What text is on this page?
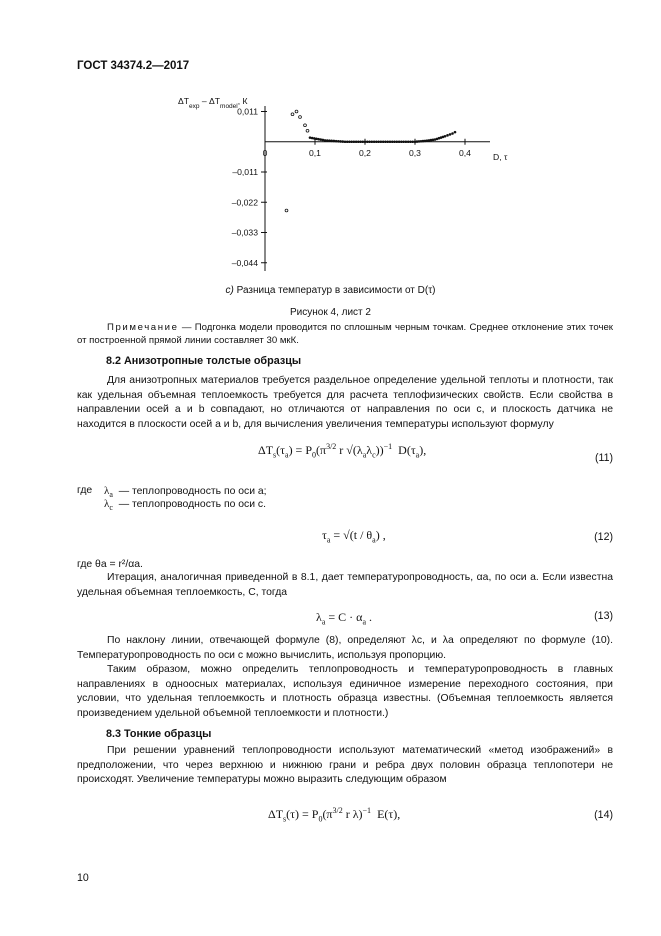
ГОСТ 34374.2—2017
0	0,1	0,2	0,3	0,4
0,011
–0,011
–0,022
–0,033
–0,044
$\Delta T_{exp} - \Delta T_{model}$, К
D, τ
c) Разница температур в зависимости от D(τ)
Рисунок 4, лист 2

Примечание — Подгонка модели проводится по сплошным черным точкам. Среднее отклонение этих точек от построенной прямой линии составляет 30 мкК.

8.2 Анизотропные толстые образцы

Для анизотропных материалов требуется раздельное определение удельной теплоты и плотности, так как удельная объемная теплоемкость требуется для расчета теплофизических свойств. Если свойства в направлении осей a и b совпадают, но отличаются от направления по оси c, и плоскость датчика не находится в плоскости осей a и b, для вычисления увеличения температуры используют формулу

$\Delta T_s(\tau_a) = P_0(\pi^{3/2}$ r $√(\lambda_a\lambda_c))^{-1}$  $D(\tau_a)$,
(11)
где $\lambda_a$ — теплопроводность по оси a;
$\lambda_c$ — теплопроводность по оси c.
$\tau_a = √(t / \theta_a)$ ,	(12)
где θa = r²/αa.

Итерация, аналогичная приведенной в 8.1, дает температуропроводность, αa, по оси a. Если известна удельная объемная теплоемкость, C, тогда

$\lambda_a = C \cdot \alpha_a$ .	(13)

По наклону линии, отвечающей формуле (8), определяют λc, и λa определяют по формуле (10). Температуропроводность по оси c можно вычислить, используя пропорцию.

Таким образом, можно определить теплопроводность и температуропроводность в главных направлениях в одноосных материалах, используя единичное измерение переходного состояния, при условии, что удельная теплоемкость и плотность образца известны. (Объемная теплоемкость является произведением удельной объемной теплоемкости и плотности.)

8.3 Тонкие образцы

При решении уравнений теплопроводности используют математический «метод изображений» в предположении, что через верхнюю и нижнюю грани и ребра двух половин образца теплопотери не происходят. Увеличение температуры можно выразить следующим образом

$\Delta T_s(\tau) = P_0(\pi^{3/2}$ r λ)$^{-1}$  E(τ),	(14)
10
